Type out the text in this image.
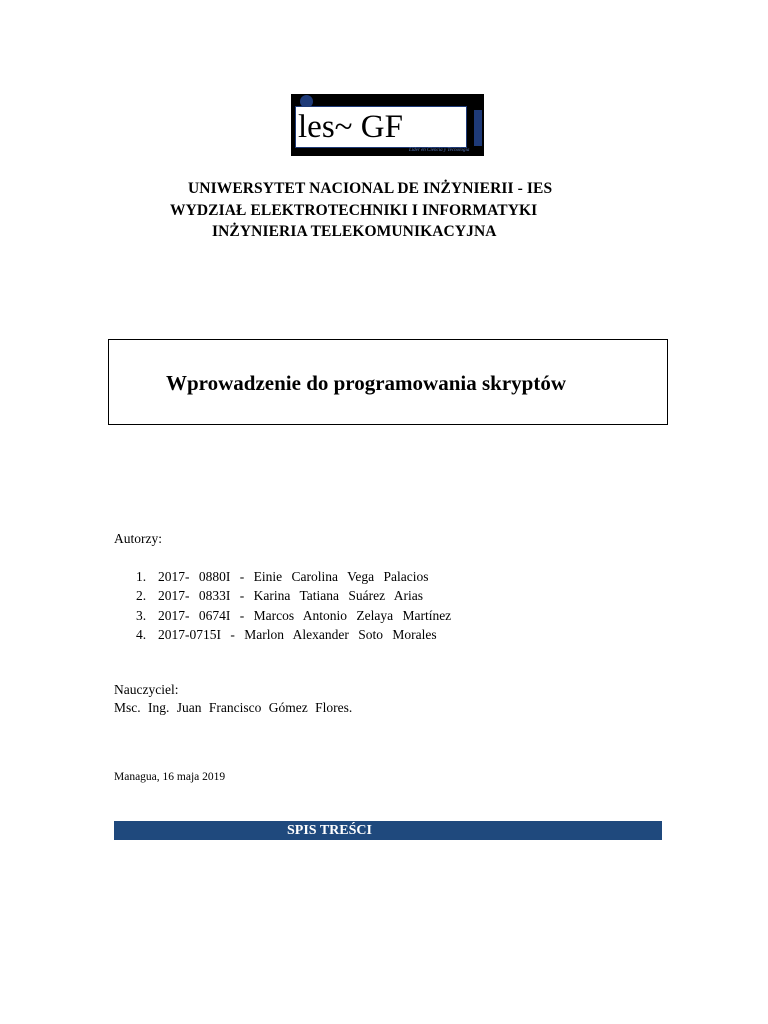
les~ GF
Líder en Ciencia y Tecnología
UNIWERSYTET NACIONAL DE INŻYNIERII - IES
WYDZIAŁ ELEKTROTECHNIKI I INFORMATYKI
INŻYNIERIA TELEKOMUNIKACYJNA
Wprowadzenie do programowania skryptów
Autorzy:
1. 2017- 0880I - Einie Carolina Vega Palacios
2. 2017- 0833I - Karina Tatiana Suárez Arias
3. 2017- 0674I - Marcos Antonio Zelaya Martínez
4. 2017-0715I - Marlon Alexander Soto Morales
Nauczyciel:
Msc. Ing. Juan Francisco Gómez Flores.
Managua, 16 maja 2019
SPIS TREŚCI
